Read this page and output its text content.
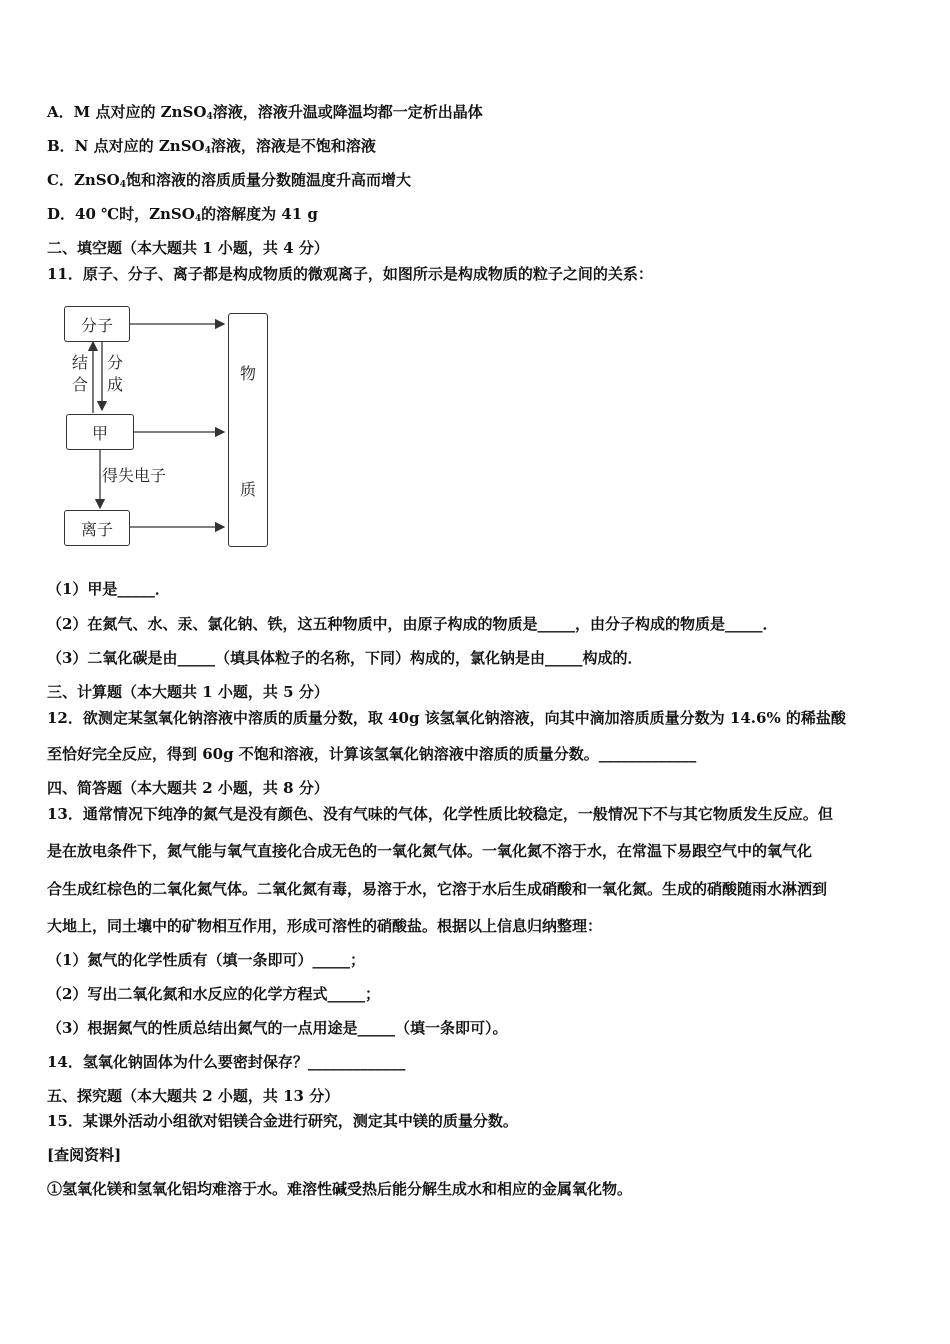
A．M 点对应的 ZnSO$_4$溶液，溶液升温或降温均都一定析出晶体
B．N 点对应的 ZnSO$_4$溶液，溶液是不饱和溶液
C．ZnSO$_4$饱和溶液的溶质质量分数随温度升高而增大
D．40 ℃时，ZnSO$_4$的溶解度为 41 g
二、填空题（本大题共 1 小题，共 4 分）
11．原子、分子、离子都是构成物质的微观离子，如图所示是构成物质的粒子之间的关系：
分子
甲
离子
物
质
结合
分成
得失电子
（1）甲是_____．
（2）在氮气、水、汞、氯化钠、铁，这五种物质中，由原子构成的物质是_____，由分子构成的物质是_____．
（3）二氧化碳是由_____（填具体粒子的名称，下同）构成的，氯化钠是由_____构成的．
三、计算题（本大题共 1 小题，共 5 分）
12．欲测定某氢氧化钠溶液中溶质的质量分数，取 40g 该氢氧化钠溶液，向其中滴加溶质质量分数为 14.6% 的稀盐酸
至恰好完全反应，得到 60g 不饱和溶液，计算该氢氧化钠溶液中溶质的质量分数。_____________
四、简答题（本大题共 2 小题，共 8 分）
13．通常情况下纯净的氮气是没有颜色、没有气味的气体，化学性质比较稳定，一般情况下不与其它物质发生反应。但
是在放电条件下，氮气能与氧气直接化合成无色的一氧化氮气体。一氧化氮不溶于水，在常温下易跟空气中的氧气化
合生成红棕色的二氧化氮气体。二氧化氮有毒，易溶于水，它溶于水后生成硝酸和一氧化氮。生成的硝酸随雨水淋洒到
大地上，同土壤中的矿物相互作用，形成可溶性的硝酸盐。根据以上信息归纳整理：
（1）氮气的化学性质有（填一条即可）_____；
（2）写出二氧化氮和水反应的化学方程式_____；
（3）根据氮气的性质总结出氮气的一点用途是_____（填一条即可）。
14．氢氧化钠固体为什么要密封保存？_____________
五、探究题（本大题共 2 小题，共 13 分）
15．某课外活动小组欲对铝镁合金进行研究，测定其中镁的质量分数。
[查阅资料]
①氢氧化镁和氢氧化铝均难溶于水。难溶性碱受热后能分解生成水和相应的金属氧化物。
